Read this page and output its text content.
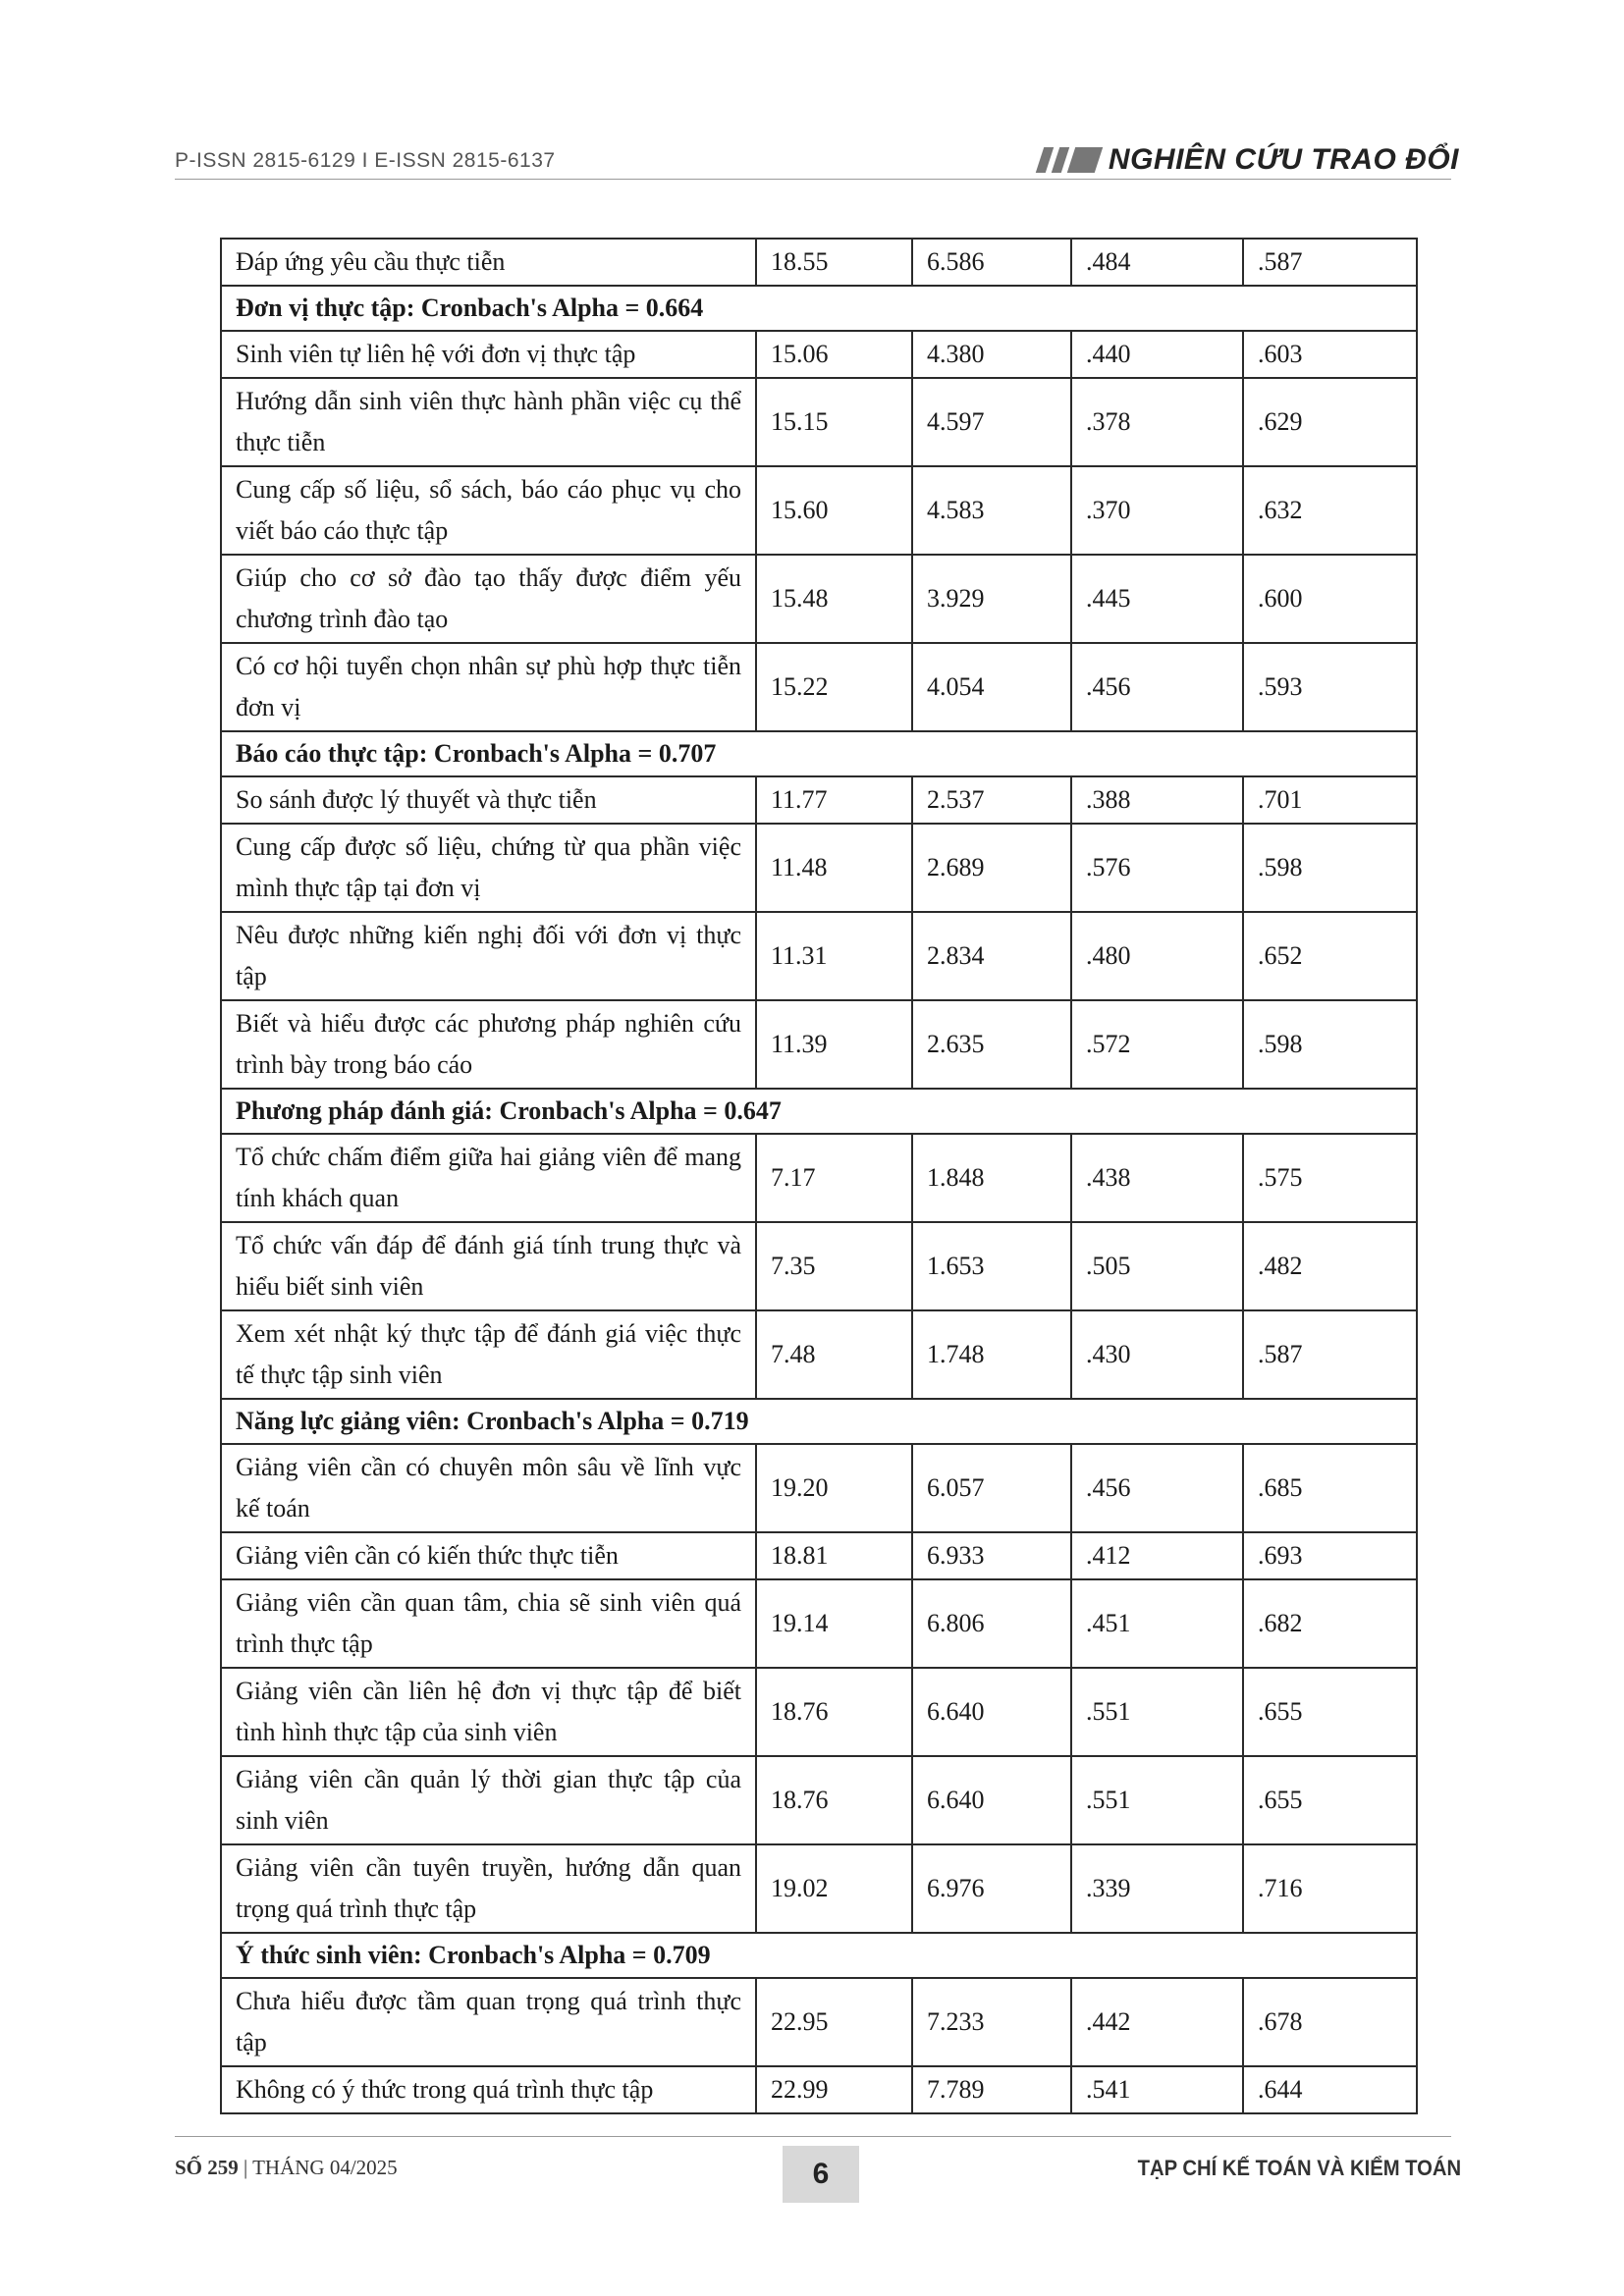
P-ISSN 2815-6129 I E-ISSN 2815-6137	NGHIÊN CỨU TRAO ĐỔI
Đáp ứng yêu cầu thực tiễn	18.55	6.586	.484	.587
Đơn vị thực tập: Cronbach's Alpha = 0.664				
Sinh viên tự liên hệ với đơn vị thực tập	15.06	4.380	.440	.603
Hướng dẫn sinh viên thực hành phần việc cụ thể thực tiễn	15.15	4.597	.378	.629
Cung cấp số liệu, sổ sách, báo cáo phục vụ cho viết báo cáo thực tập	15.60	4.583	.370	.632
Giúp cho cơ sở đào tạo thấy được điểm yếu chương trình đào tạo	15.48	3.929	.445	.600
Có cơ hội tuyển chọn nhân sự phù hợp thực tiễn đơn vị	15.22	4.054	.456	.593
Báo cáo thực tập: Cronbach's Alpha = 0.707				
So sánh được lý thuyết và thực tiễn	11.77	2.537	.388	.701
Cung cấp được số liệu, chứng từ qua phần việc mình thực tập tại đơn vị	11.48	2.689	.576	.598
Nêu được những kiến nghị đối với đơn vị thực tập	11.31	2.834	.480	.652
Biết và hiểu được các phương pháp nghiên cứu trình bày trong báo cáo	11.39	2.635	.572	.598
Phương pháp đánh giá: Cronbach's Alpha = 0.647				
Tổ chức chấm điểm giữa hai giảng viên để mang tính khách quan	7.17	1.848	.438	.575
Tổ chức vấn đáp để đánh giá tính trung thực và hiểu biết sinh viên	7.35	1.653	.505	.482
Xem xét nhật ký thực tập để đánh giá việc thực tế thực tập sinh viên	7.48	1.748	.430	.587
Năng lực giảng viên: Cronbach's Alpha = 0.719				
Giảng viên cần có chuyên môn sâu về lĩnh vực kế toán	19.20	6.057	.456	.685
Giảng viên cần có kiến thức thực tiễn	18.81	6.933	.412	.693
Giảng viên cần quan tâm, chia sẽ sinh viên quá trình thực tập	19.14	6.806	.451	.682
Giảng viên cần liên hệ đơn vị thực tập để biết tình hình thực tập của sinh viên	18.76	6.640	.551	.655
Giảng viên cần quản lý thời gian thực tập của sinh viên	18.76	6.640	.551	.655
Giảng viên cần tuyên truyền, hướng dẫn quan trọng quá trình thực tập	19.02	6.976	.339	.716
Ý thức sinh viên: Cronbach's Alpha = 0.709				
Chưa hiểu được tầm quan trọng quá trình thực tập	22.95	7.233	.442	.678
Không có ý thức trong quá trình thực tập	22.99	7.789	.541	.644
SỐ 259 | THÁNG 04/2025	6	TẠP CHÍ KẾ TOÁN VÀ KIỂM TOÁN
